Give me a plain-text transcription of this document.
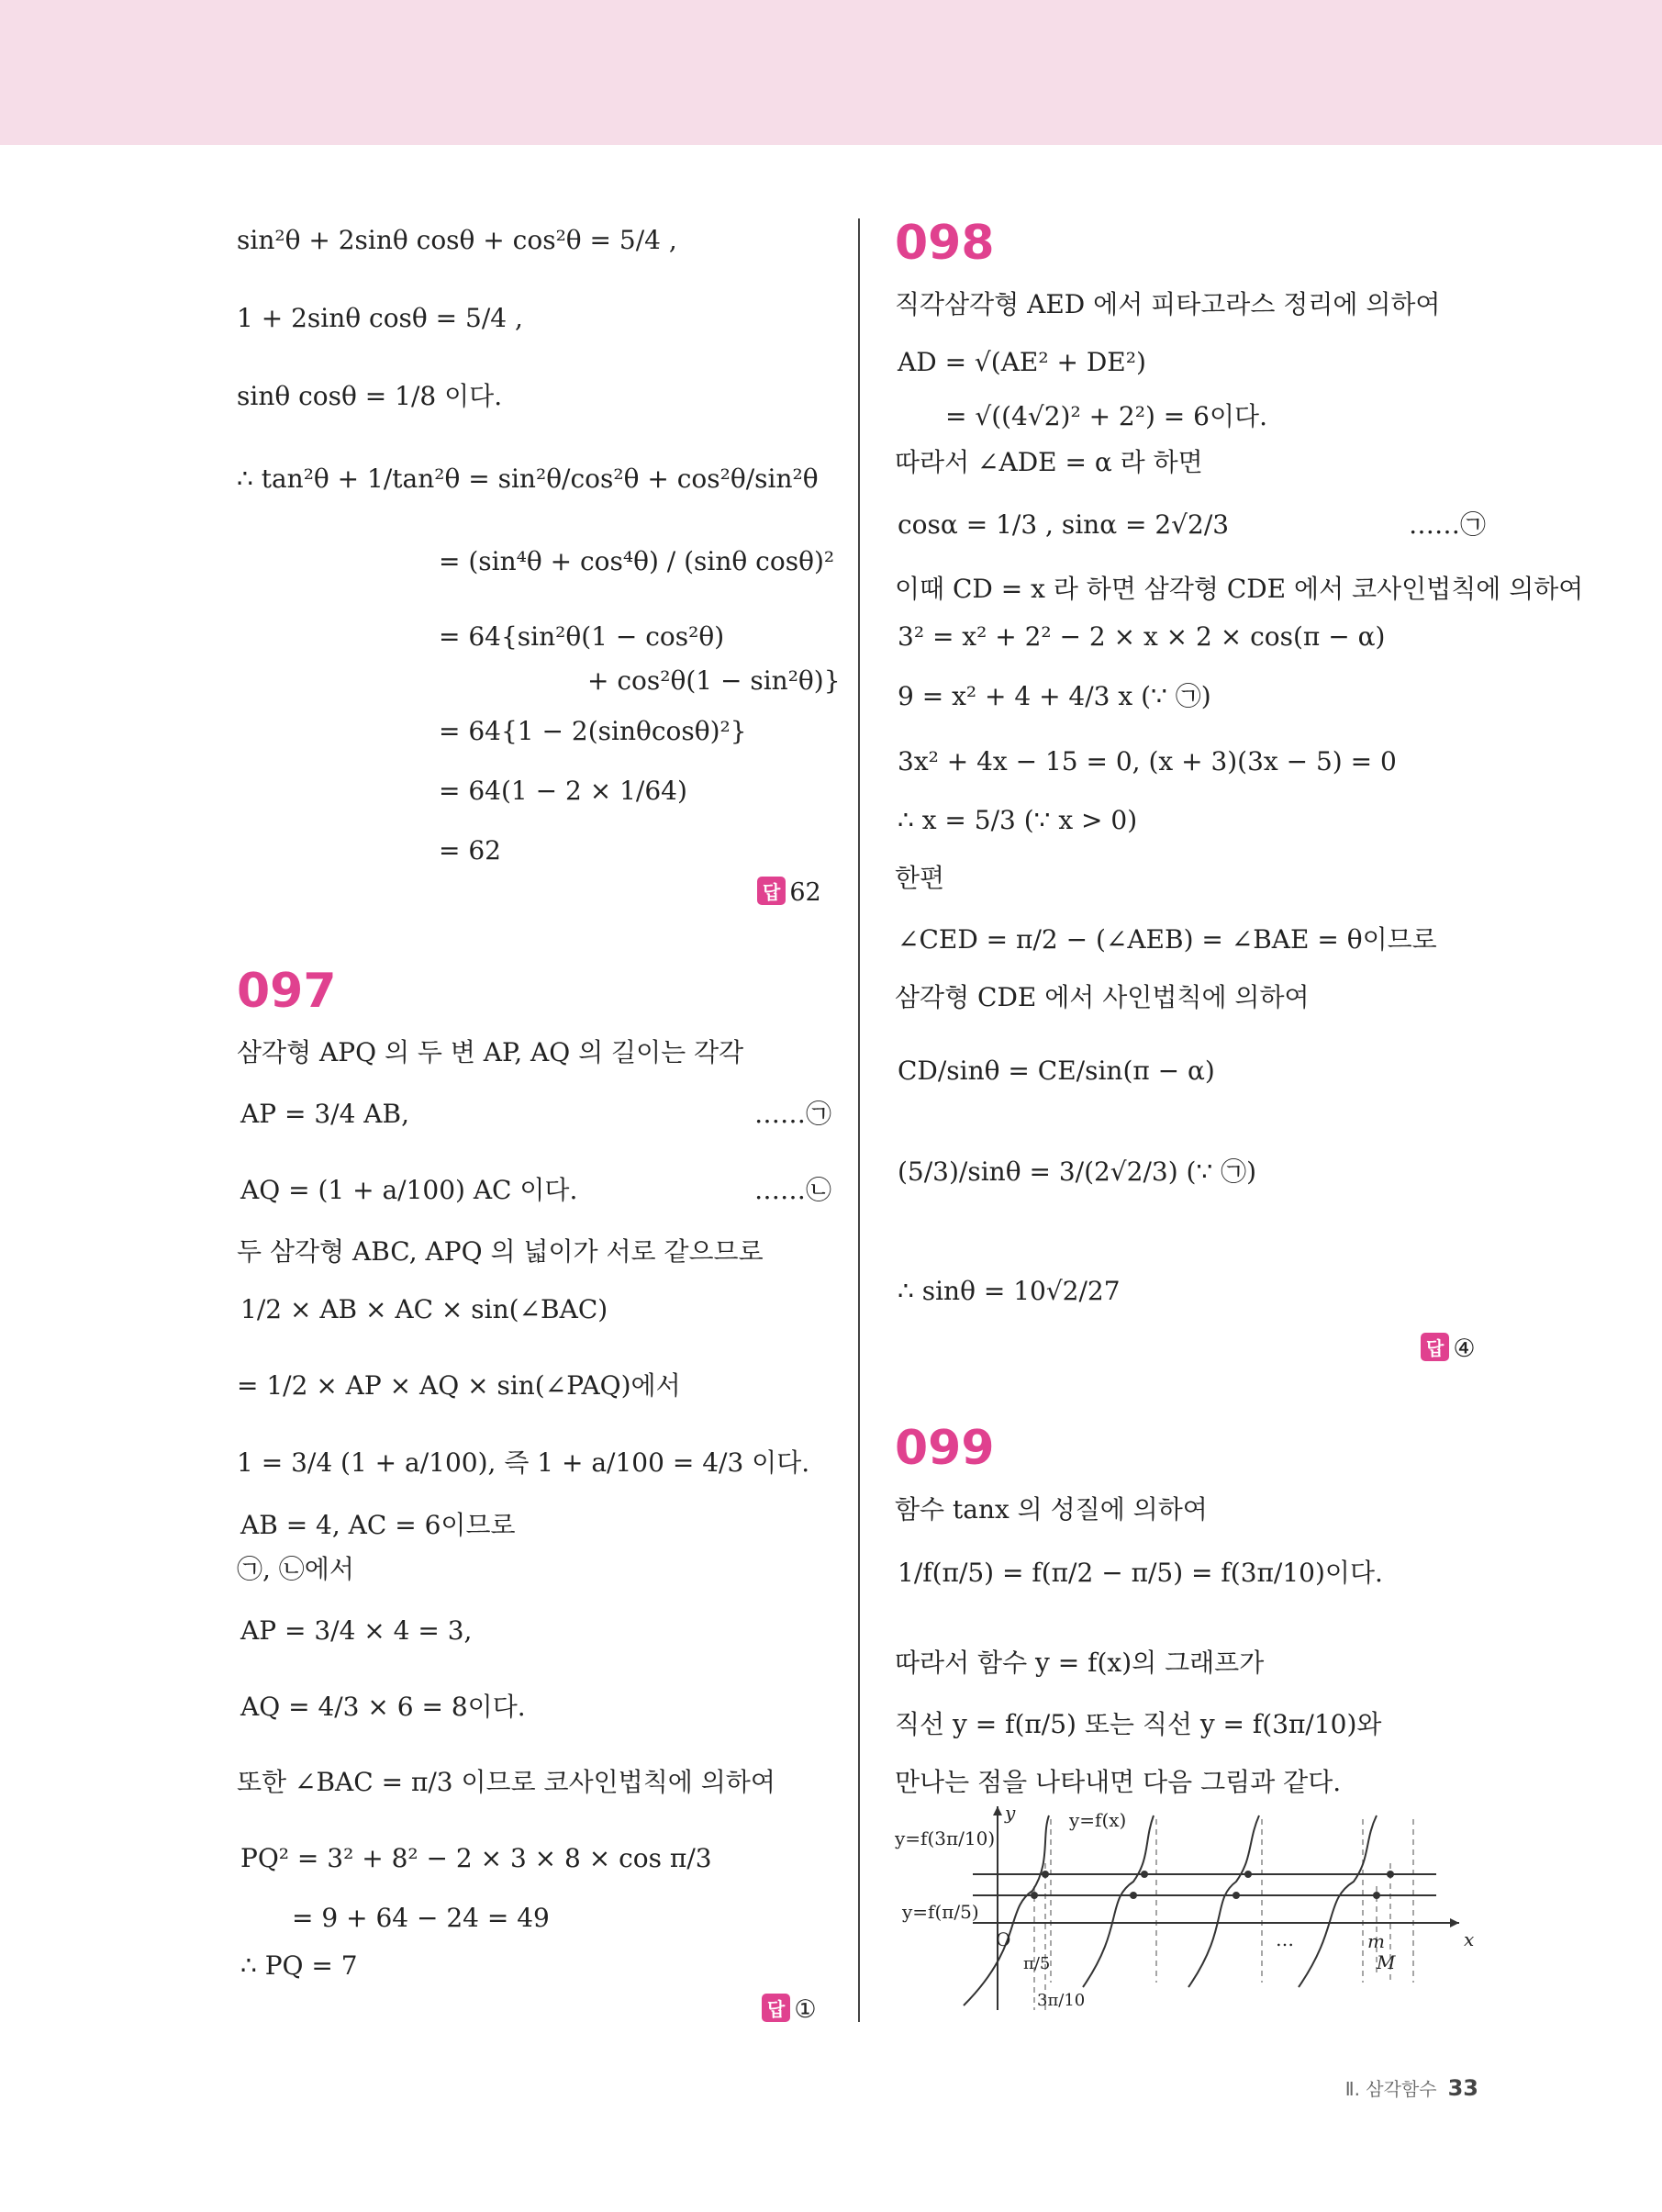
sin²θ + 2sinθ cosθ + cos²θ = 5/4 ,
1 + 2sinθ cosθ = 5/4 ,
sinθ cosθ = 1/8 이다.
∴ tan²θ + 1/tan²θ = sin²θ/cos²θ + cos²θ/sin²θ
= (sin⁴θ + cos⁴θ) / (sinθ cosθ)²
= 64{sin²θ(1 − cos²θ)
+ cos²θ(1 − sin²θ)}
= 64{1 − 2(sinθcosθ)²}
= 64(1 − 2 × 1/64)
= 62
답 62
097
삼각형 APQ 의 두 변 AP, AQ 의 길이는 각각
AP = 3/4 AB,	……㉠
AQ = (1 + a/100) AC 이다.	……㉡
두 삼각형 ABC, APQ 의 넓이가 서로 같으므로
1/2 × AB × AC × sin(∠BAC)
= 1/2 × AP × AQ × sin(∠PAQ)에서
1 = 3/4 (1 + a/100), 즉 1 + a/100 = 4/3 이다.
AB = 4, AC = 6이므로
㉠, ㉡에서
AP = 3/4 × 4 = 3,
AQ = 4/3 × 6 = 8이다.
또한 ∠BAC = π/3 이므로 코사인법칙에 의하여
PQ² = 3² + 8² − 2 × 3 × 8 × cos π/3
= 9 + 64 − 24 = 49
∴ PQ = 7
답 ①
098
직각삼각형 AED 에서 피타고라스 정리에 의하여
AD = √(AE² + DE²)
= √((4√2)² + 2²) = 6이다.
따라서 ∠ADE = α 라 하면
cosα = 1/3 , sinα = 2√2/3	……㉠
이때 CD = x 라 하면 삼각형 CDE 에서 코사인법칙에 의하여
3² = x² + 2² − 2 × x × 2 × cos(π − α)
9 = x² + 4 + 4/3 x (∵ ㉠)
3x² + 4x − 15 = 0, (x + 3)(3x − 5) = 0
∴ x = 5/3 (∵ x > 0)
한편
∠CED = π/2 − (∠AEB) = ∠BAE = θ이므로
삼각형 CDE 에서 사인법칙에 의하여
CD/sinθ = CE/sin(π − α)
(5/3)/sinθ = 3/(2√2/3) (∵ ㉠)
∴ sinθ = 10√2/27
답 ④
099
함수 tanx 의 성질에 의하여
1/f(π/5) = f(π/2 − π/5) = f(3π/10)이다.
따라서 함수 y = f(x)의 그래프가
직선 y = f(π/5) 또는 직선 y = f(3π/10)와
만나는 점을 나타내면 다음 그림과 같다.
y=f(3π/10)
y=f(π/5)
y=f(x)
x
y
O
π/5
3π/10
…	m
M
Ⅱ. 삼각함수 33
